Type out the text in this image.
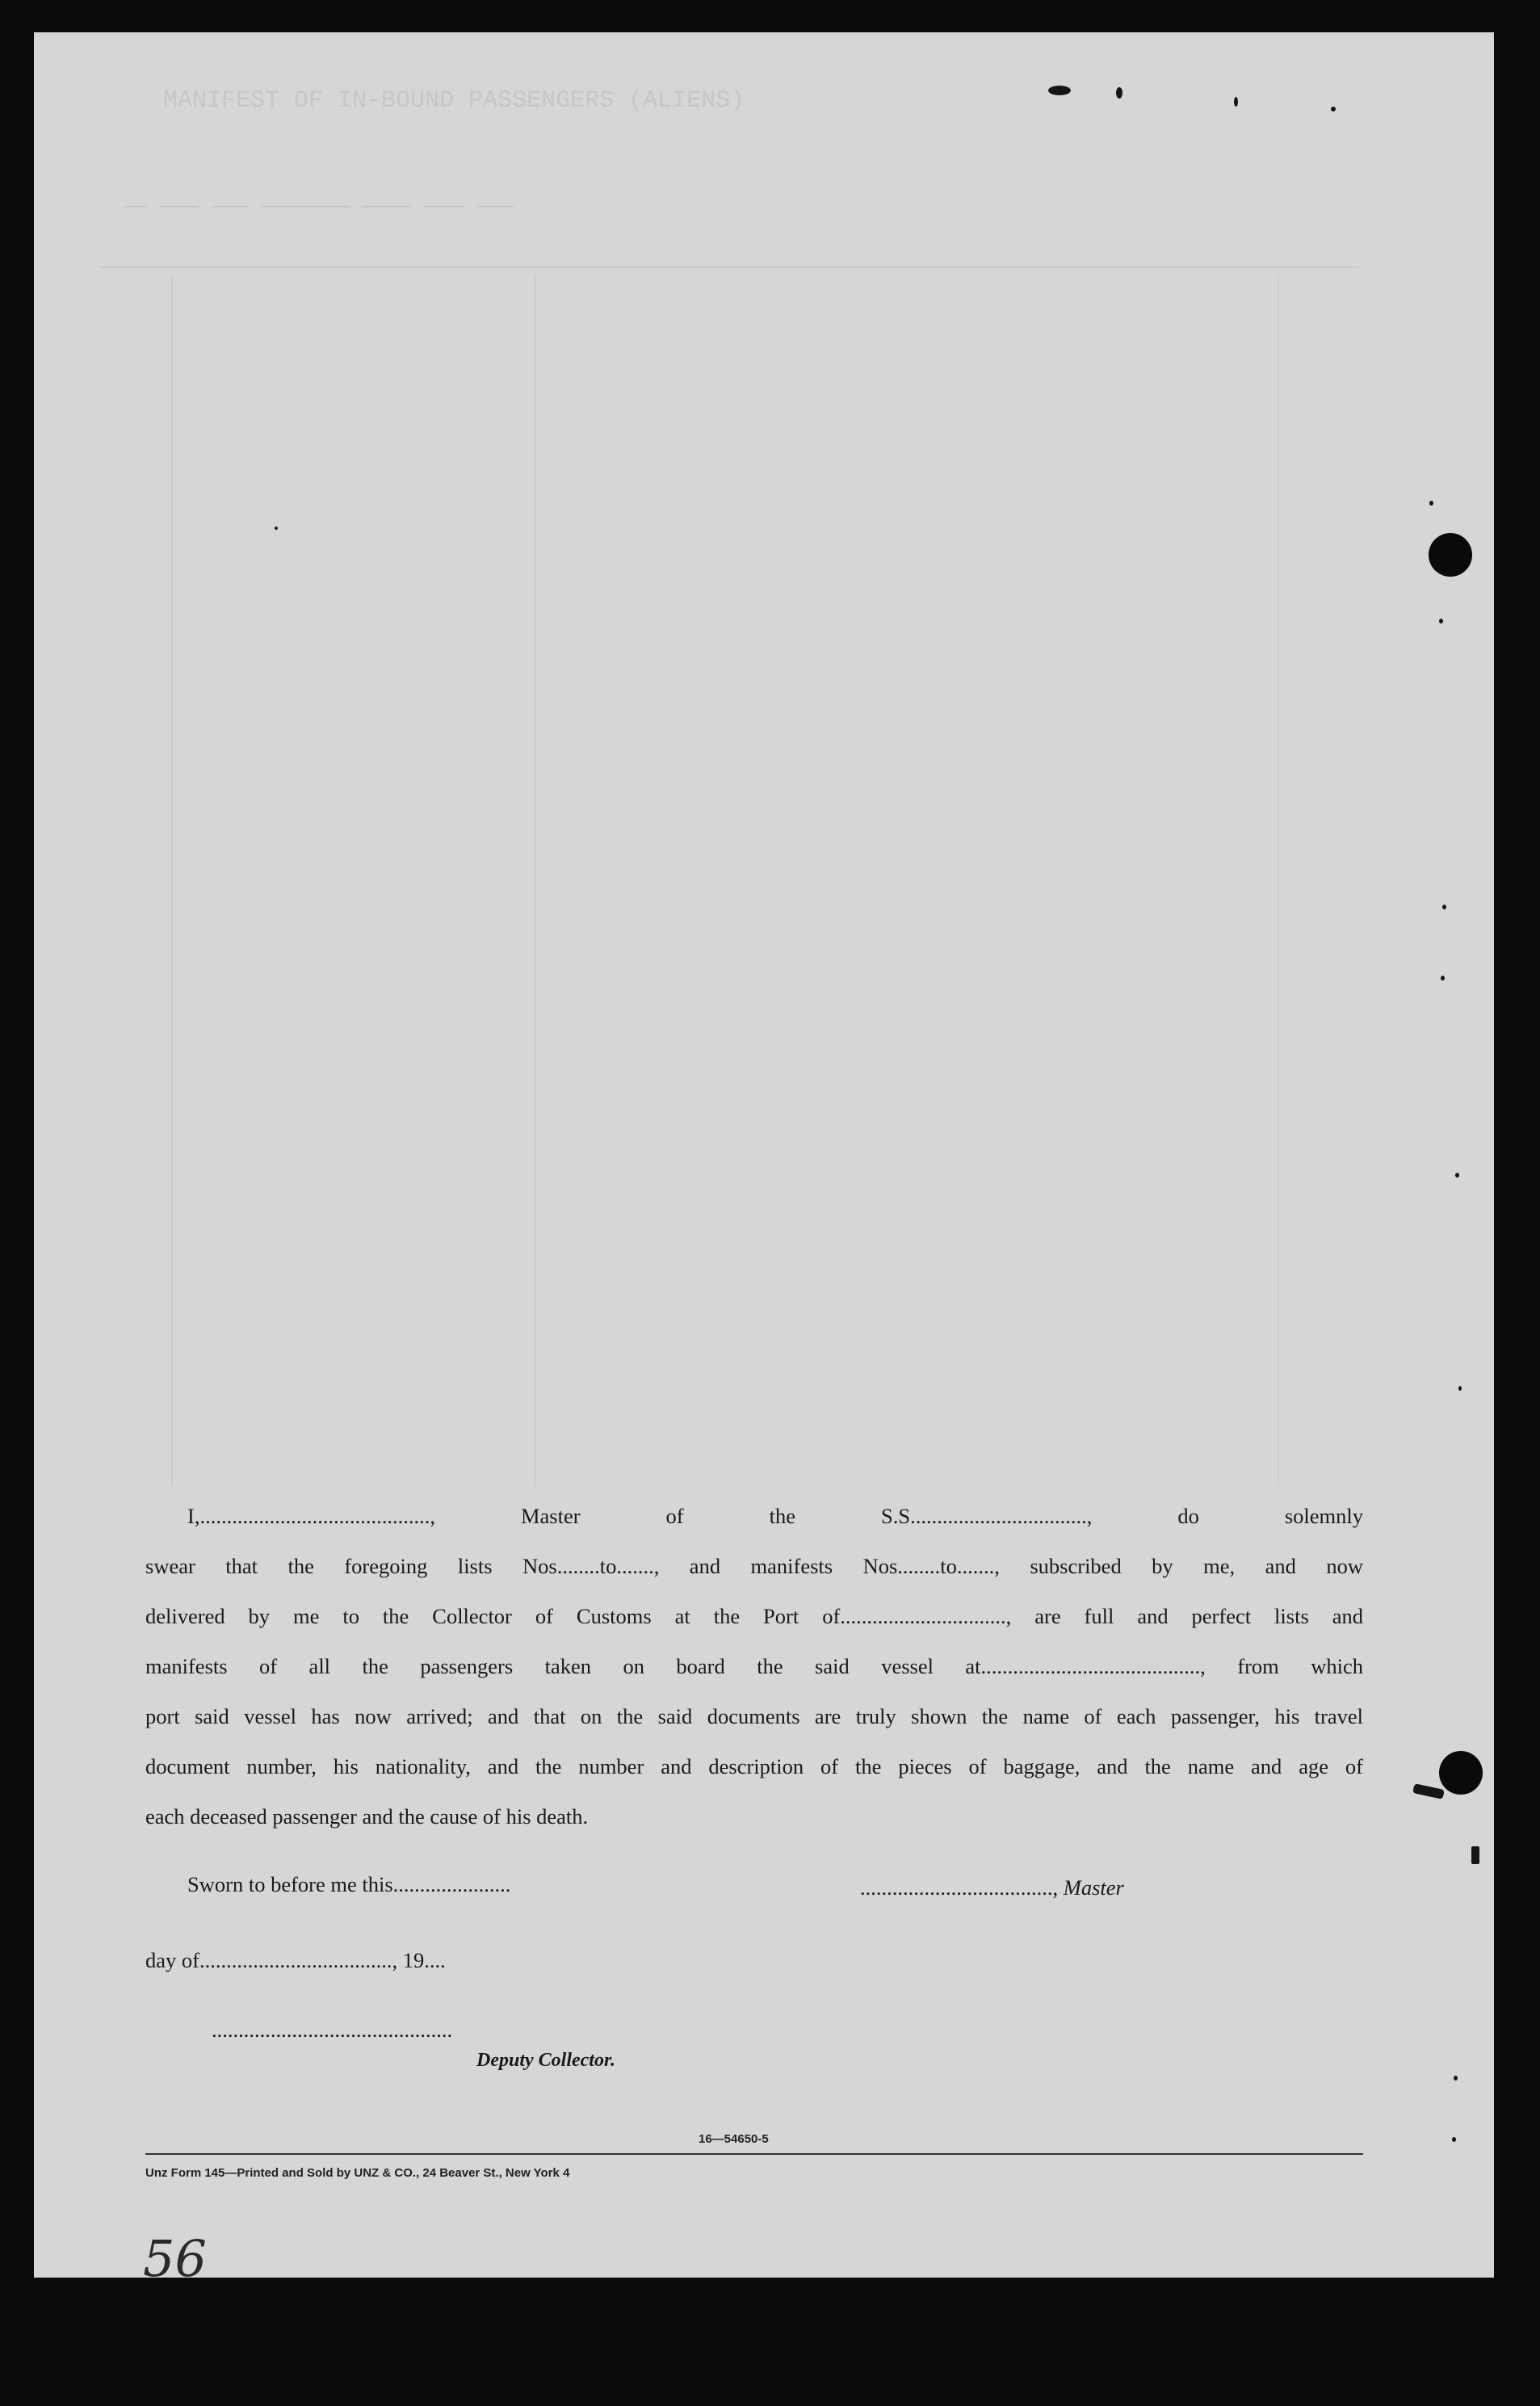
MANIFEST OF IN-BOUND PASSENGERS (ALIENS)
—— ——— ——— ——————— ———— ——— ———

I,..........................................., Master of the S.S................................., do solemnly

swear that the foregoing lists Nos........to......., and manifests Nos........to......., subscribed by me, and now

delivered by me to the Collector of Customs at the Port of..............................., are full and perfect lists and

manifests of all the passengers taken on board the said vessel at........................................., from which

port said vessel has now arrived; and that on the said documents are truly shown the name of each passenger, his travel

document number, his nationality, and the number and description of the pieces of baggage, and the name and age of

each deceased passenger and the cause of his death.

Sworn to before me this......................	...................................., Master
day of...................................., 19....
.............................................
Deputy Collector.
16—54650-5
Unz Form 145—Printed and Sold by UNZ & CO., 24 Beaver St., New York 4
56
